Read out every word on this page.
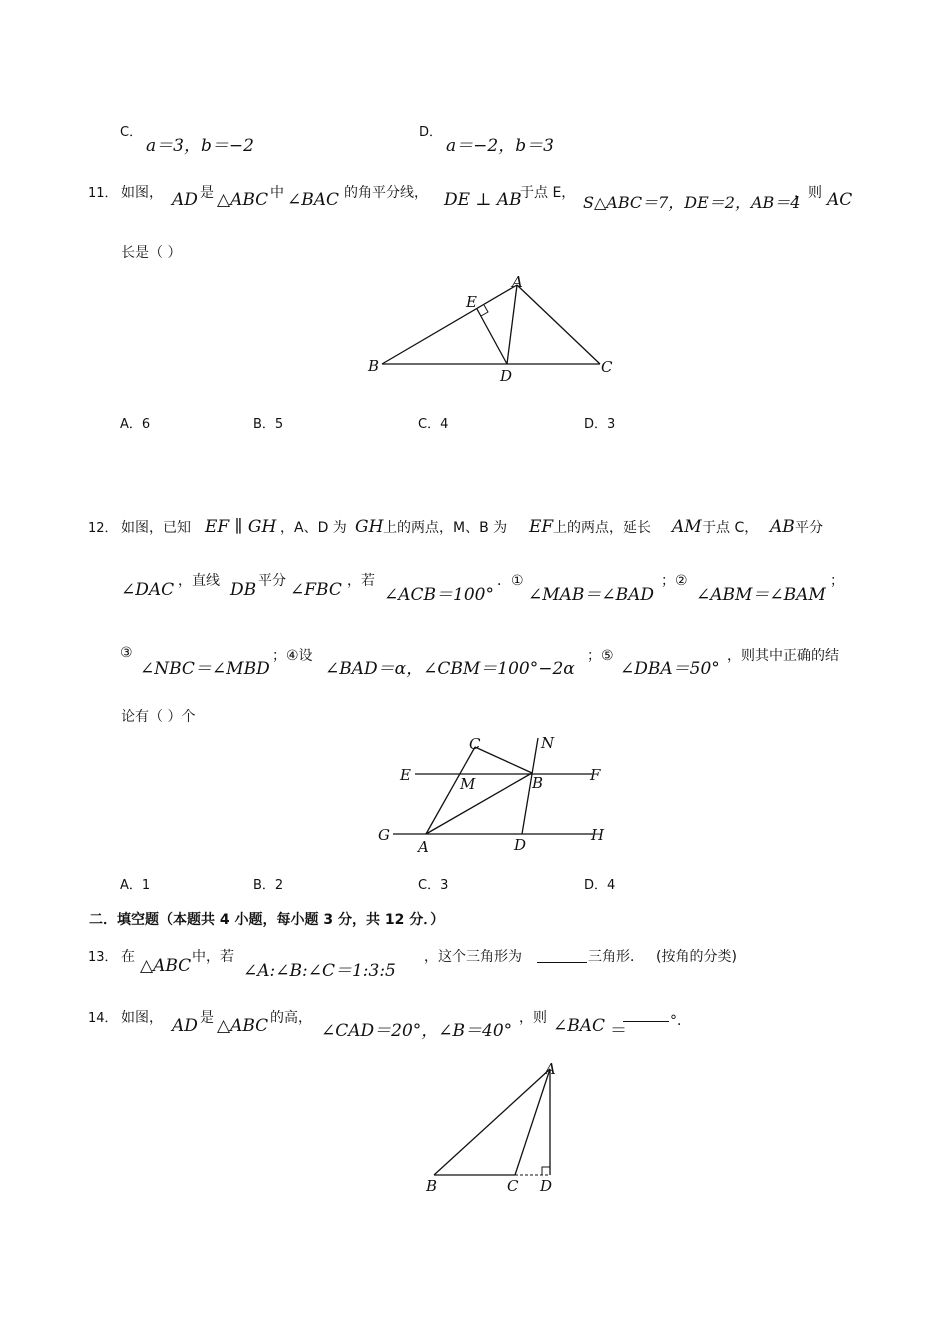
C．
a＝3，b＝−2
D．
a＝−2，b＝3
11． 如图， AD 是 △ABC 中 ∠BAC 的角平分线， DE ⊥ AB
于点 E， S△ABC＝7，DE＝2，AB＝4
，则 AC
长是（ ）
A
E
B
D	C
A．6	B．5	C．4	D．3
12． 如图，已知 EF ∥ GH ，A、D 为 GH 上的两点，M、B 为 EF 上的两点，延长 AM 于点 C， AB 平分
∠DAC ，直线 DB 平分 ∠FBC ，若
∠ACB＝100°
．①
∠MAB＝∠BAD
；②
∠ABM＝∠BAM
；
③
∠NBC＝∠MBD
；④设
∠BAD＝α，∠CBM＝100°−2α
；⑤
∠DBA＝50°
，则其中正确的结
论有（ ）个
C	N
E	F
M	B
G	H
A	D
A．1	B．2	C．3	D．4
二．填空题（本题共 4 小题，每小题 3 分，共 12 分．）
13． 在 △ABC 中，若
∠A:∠B:∠C＝1:3:5
，这个三角形为	三角形． (按角的分类)
14． 如图， AD 是 △ABC 的高，
∠CAD＝20°，∠B＝40°
，则 ∠BAC ＝	°．
A
B	C D
